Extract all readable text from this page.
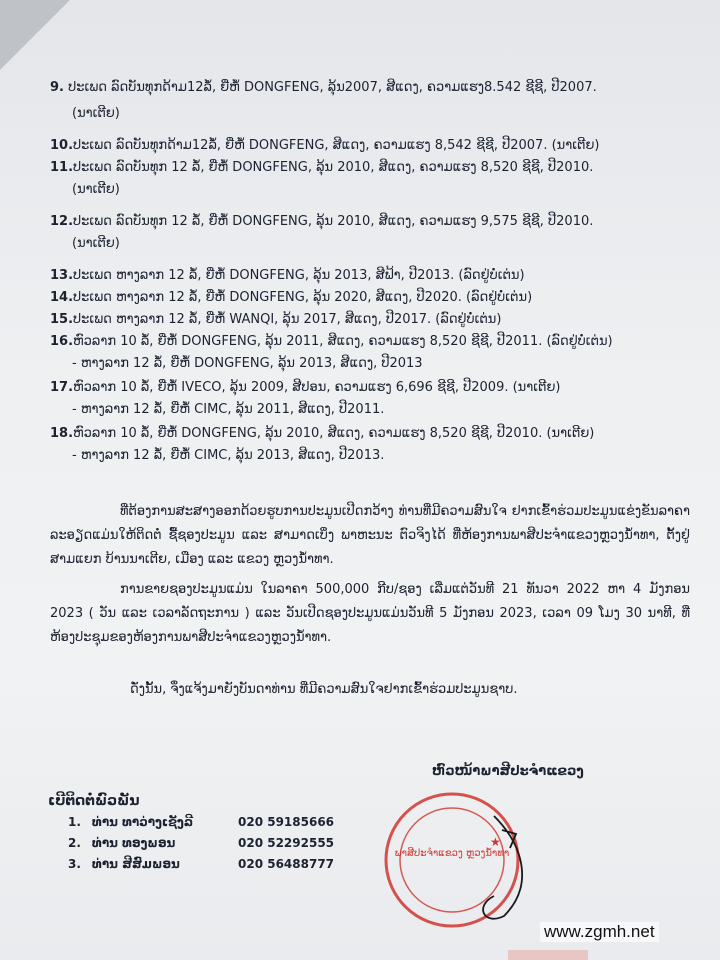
9. ປະເພດ ລົດບັນທຸກດ້າມ12ລໍ້, ຍີ່ຫໍ້ DONGFENG, ລຸ້ນ2007, ສີແດງ, ຄວາມແຮງ8.542 ຊີຊີ, ປີ2007.
(ນາເຕີຍ)
10.ປະເພດ ລົດບັນທຸກດ້າມ12ລໍ້, ຍີ່ຫໍ້ DONGFENG, ສີແດງ, ຄວາມແຮງ 8,542 ຊີຊີ, ປີ2007. (ນາເຕີຍ)
11.ປະເພດ ລົດບັນທຸກ 12 ລໍ້, ຍີ່ຫໍ້ DONGFENG, ລຸ້ນ 2010, ສີແດງ, ຄວາມແຮງ 8,520 ຊີຊີ, ປີ2010.
(ນາເຕີຍ)
12.ປະເພດ ລົດບັນທຸກ 12 ລໍ້, ຍີ່ຫໍ້ DONGFENG, ລຸ້ນ 2010, ສີແດງ, ຄວາມແຮງ 9,575 ຊີຊີ, ປີ2010.
(ນາເຕີຍ)
13.ປະເພດ ຫາງລາກ 12 ລໍ້, ຍີ່ຫໍ້ DONGFENG, ລຸ້ນ 2013, ສີຟ້າ, ປີ2013. (ລົດຢູ່ບໍ່ເຕ່ນ)
14.ປະເພດ ຫາງລາກ 12 ລໍ້, ຍີ່ຫໍ້ DONGFENG, ລຸ້ນ 2020, ສີແດງ, ປີ2020. (ລົດຢູ່ບໍ່ເຕ່ນ)
15.ປະເພດ ຫາງລາກ 12 ລໍ້, ຍີ່ຫໍ້ WANQI, ລຸ້ນ 2017, ສີແດງ, ປີ2017. (ລົດຢູ່ບໍ່ເຕ່ນ)
16.ຫົວລາກ 10 ລໍ້, ຍີ່ຫໍ້ DONGFENG, ລຸ້ນ 2011, ສີແດງ, ຄວາມແຮງ 8,520 ຊີຊີ, ປີ2011. (ລົດຢູ່ບໍ່ເຕ່ນ)
- ຫາງລາກ 12 ລໍ້, ຍີ່ຫໍ້ DONGFENG, ລຸ້ນ 2013, ສີແດງ, ປີ2013
17.ຫົວລາກ 10 ລໍ້, ຍີ່ຫໍ້ IVECO, ລຸ້ນ 2009, ສີປອນ, ຄວາມແຮງ 6,696 ຊີຊີ, ປີ2009. (ນາເຕີຍ)
- ຫາງລາກ 12 ລໍ້, ຍີ່ຫໍ້ CIMC, ລຸ້ນ 2011, ສີແດງ, ປີ2011.
18.ຫົວລາກ 10 ລໍ້, ຍີ່ຫໍ້ DONGFENG, ລຸ້ນ 2010, ສີແດງ, ຄວາມແຮງ 8,520 ຊີຊີ, ປີ2010. (ນາເຕີຍ)
- ຫາງລາກ 12 ລໍ້, ຍີ່ຫໍ້ CIMC, ລຸ້ນ 2013, ສີແດງ, ປີ2013.
ທີ່ຕ້ອງການສະສາງອອກດ້ວຍຮູບການປະມູນເປີດກວ້າງ ທ່ານທີ່ມີຄວາມສົນໃຈ ຢາກເຂົ້າຮ່ວມປະມູນແຂ່ງຂັນລາຄາ ລະອຽດແມ່ນໃຫ້ຕິດຕໍ່ ຊື້ຊອງປະມູນ ແລະ ສາມາດເບິ່ງ ພາຫະນະ ຕົວຈິງໄດ້ ທີ່ຫ້ອງການພາສີປະຈໍາແຂວງຫຼວງນໍ້າທາ, ຕັ້ງຢູ່ ສາມແຍກ ບ້ານນາເຕີຍ, ເມືອງ ແລະ ແຂວງ ຫຼວງນໍ້າທາ.
ການຂາຍຊອງປະມູນແມ່ນ ໃນລາຄາ 500,000 ກີບ/ຊອງ ເລີ່ມແຕ່ວັນທີ 21 ທັນວາ 2022 ຫາ 4 ມັງກອນ 2023 ( ວັນ ແລະ ເວລາລັດຖະການ ) ແລະ ວັນເປີດຊອງປະມູນແມ່ນວັນທີ 5 ມັງກອນ 2023, ເວລາ 09 ໂມງ 30 ນາທີ, ທີ່ຫ້ອງປະຊຸມຂອງຫ້ອງການພາສີປະຈໍາແຂວງຫຼວງນໍ້າທາ.
ດັ່ງນັ້ນ, ຈຶ່ງແຈ້ງມາຍັງບັນດາທ່ານ ທີ່ມີຄວາມສົນໃຈຢາກເຂົ້າຮ່ວມປະມູນຊາບ.
ຫົວໜ້າພາສີປະຈໍາແຂວງ
ພາສີປະຈໍາແຂວງ ຫຼວງນໍ້າທາ
★
ເບີຕິດຕໍ່ພົວພັນ
1. ທ່ານ ທາວ່າງເຊັງລີ	020 59185666
2. ທ່ານ ທອງພອນ	020 52292555
3. ທ່ານ ສີສົມພອນ	020 56488777
www.zgmh.net
